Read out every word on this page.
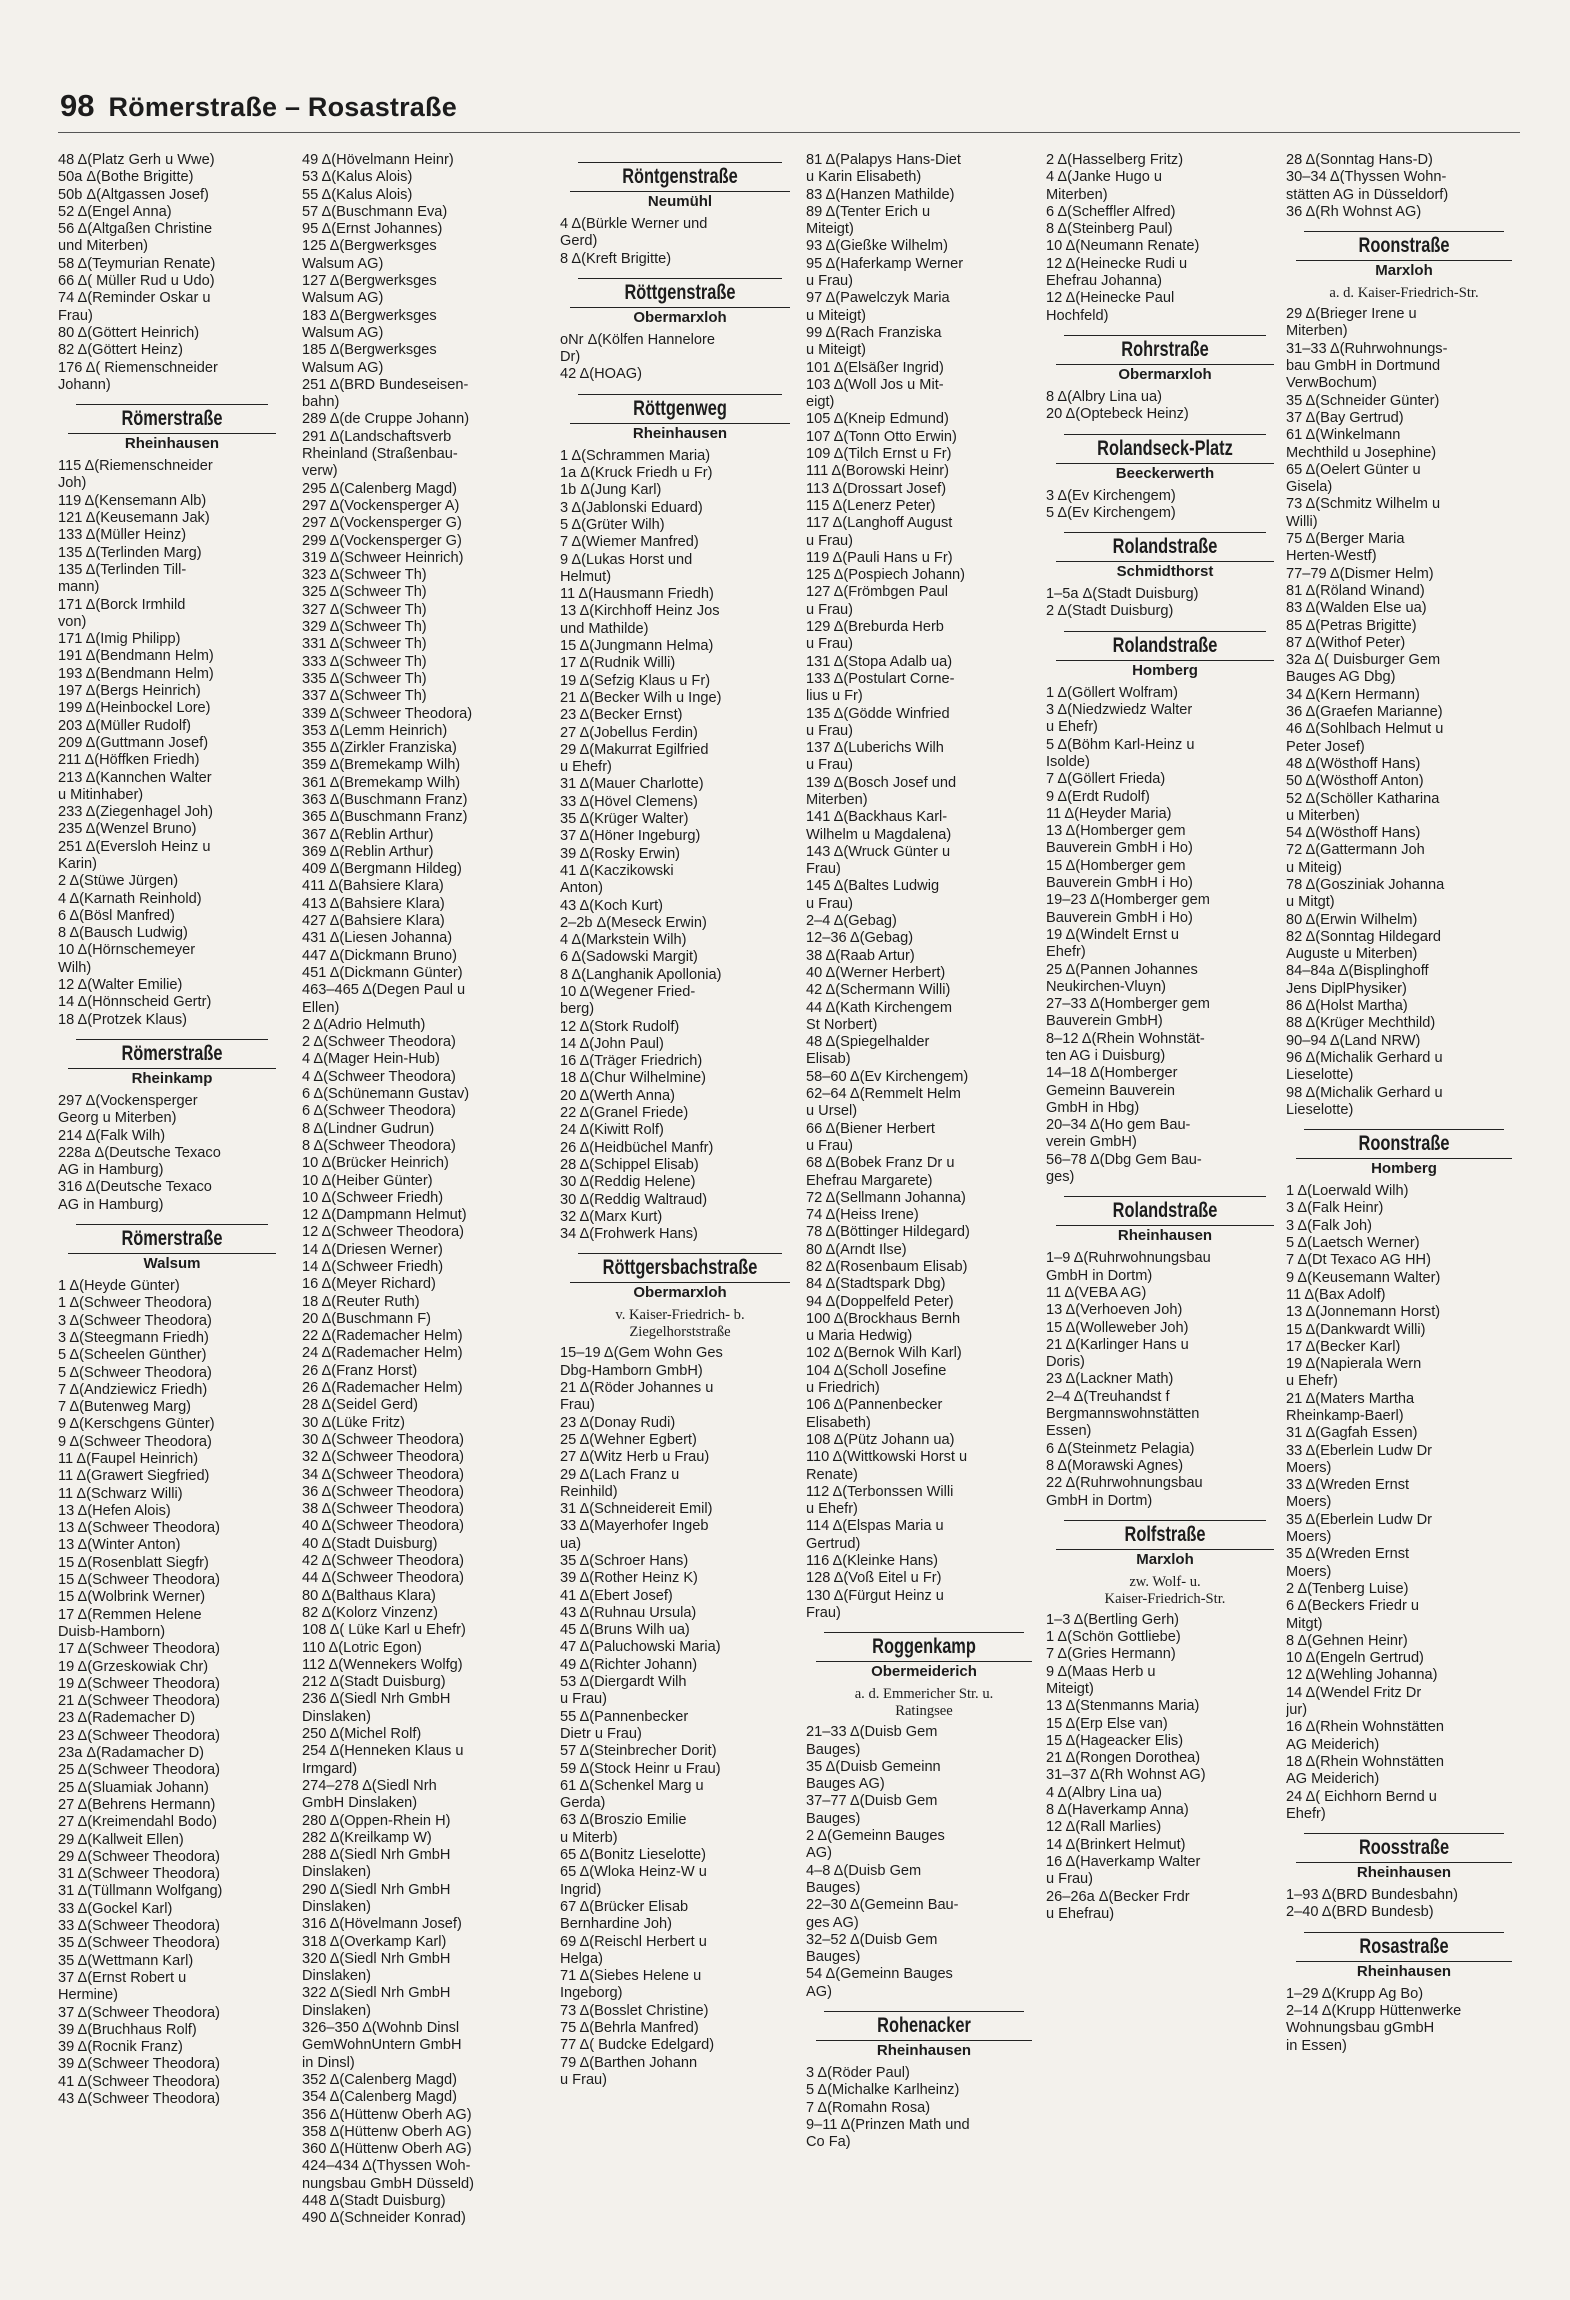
98 Römerstraße – Rosastraße
48 Δ(Platz Gerh u Wwe)
50a Δ(Bothe Brigitte)
50b Δ(Altgassen Josef)
52 Δ(Engel Anna)
56 Δ(Altgaßen Christine
und Miterben)
58 Δ(Teymurian Renate)
66 Δ( Müller Rud u Udo)
74 Δ(Reminder Oskar u
Frau)
80 Δ(Göttert Heinrich)
82 Δ(Göttert Heinz)
176 Δ( Riemenschneider
Johann)
Römerstraße
Rheinhausen
115 Δ(Riemenschneider
Joh)
119 Δ(Kensemann Alb)
121 Δ(Keusemann Jak)
133 Δ(Müller Heinz)
135 Δ(Terlinden Marg)
135 Δ(Terlinden Till-
mann)
171 Δ(Borck Irmhild
von)
171 Δ(Imig Philipp)
191 Δ(Bendmann Helm)
193 Δ(Bendmann Helm)
197 Δ(Bergs Heinrich)
199 Δ(Heinbockel Lore)
203 Δ(Müller Rudolf)
209 Δ(Guttmann Josef)
211 Δ(Höffken Friedh)
213 Δ(Kannchen Walter
u Mitinhaber)
233 Δ(Ziegenhagel Joh)
235 Δ(Wenzel Bruno)
251 Δ(Eversloh Heinz u
Karin)
2 Δ(Stüwe Jürgen)
4 Δ(Karnath Reinhold)
6 Δ(Bösl Manfred)
8 Δ(Bausch Ludwig)
10 Δ(Hörnschemeyer
Wilh)
12 Δ(Walter Emilie)
14 Δ(Hönnscheid Gertr)
18 Δ(Protzek Klaus)
Römerstraße
Rheinkamp
297 Δ(Vockensperger
Georg u Miterben)
214 Δ(Falk Wilh)
228a Δ(Deutsche Texaco
AG in Hamburg)
316 Δ(Deutsche Texaco
AG in Hamburg)
Römerstraße
Walsum
1 Δ(Heyde Günter)
1 Δ(Schweer Theodora)
3 Δ(Schweer Theodora)
3 Δ(Steegmann Friedh)
5 Δ(Scheelen Günther)
5 Δ(Schweer Theodora)
7 Δ(Andziewicz Friedh)
7 Δ(Butenweg Marg)
9 Δ(Kerschgens Günter)
9 Δ(Schweer Theodora)
11 Δ(Faupel Heinrich)
11 Δ(Grawert Siegfried)
11 Δ(Schwarz Willi)
13 Δ(Hefen Alois)
13 Δ(Schweer Theodora)
13 Δ(Winter Anton)
15 Δ(Rosenblatt Siegfr)
15 Δ(Schweer Theodora)
15 Δ(Wolbrink Werner)
17 Δ(Remmen Helene
Duisb-Hamborn)
17 Δ(Schweer Theodora)
19 Δ(Grzeskowiak Chr)
19 Δ(Schweer Theodora)
21 Δ(Schweer Theodora)
23 Δ(Rademacher D)
23 Δ(Schweer Theodora)
23a Δ(Radamacher D)
25 Δ(Schweer Theodora)
25 Δ(Sluamiak Johann)
27 Δ(Behrens Hermann)
27 Δ(Kreimendahl Bodo)
29 Δ(Kallweit Ellen)
29 Δ(Schweer Theodora)
31 Δ(Schweer Theodora)
31 Δ(Tüllmann Wolfgang)
33 Δ(Gockel Karl)
33 Δ(Schweer Theodora)
35 Δ(Schweer Theodora)
35 Δ(Wettmann Karl)
37 Δ(Ernst Robert u
Hermine)
37 Δ(Schweer Theodora)
39 Δ(Bruchhaus Rolf)
39 Δ(Rocnik Franz)
39 Δ(Schweer Theodora)
41 Δ(Schweer Theodora)
43 Δ(Schweer Theodora)
49 Δ(Hövelmann Heinr)
53 Δ(Kalus Alois)
55 Δ(Kalus Alois)
57 Δ(Buschmann Eva)
95 Δ(Ernst Johannes)
125 Δ(Bergwerksges
Walsum AG)
127 Δ(Bergwerksges
Walsum AG)
183 Δ(Bergwerksges
Walsum AG)
185 Δ(Bergwerksges
Walsum AG)
251 Δ(BRD Bundeseisen-
bahn)
289 Δ(de Cruppe Johann)
291 Δ(Landschaftsverb
Rheinland (Straßenbau-
verw)
295 Δ(Calenberg Magd)
297 Δ(Vockensperger A)
297 Δ(Vockensperger G)
299 Δ(Vockensperger G)
319 Δ(Schweer Heinrich)
323 Δ(Schweer Th)
325 Δ(Schweer Th)
327 Δ(Schweer Th)
329 Δ(Schweer Th)
331 Δ(Schweer Th)
333 Δ(Schweer Th)
335 Δ(Schweer Th)
337 Δ(Schweer Th)
339 Δ(Schweer Theodora)
353 Δ(Lemm Heinrich)
355 Δ(Zirkler Franziska)
359 Δ(Bremekamp Wilh)
361 Δ(Bremekamp Wilh)
363 Δ(Buschmann Franz)
365 Δ(Buschmann Franz)
367 Δ(Reblin Arthur)
369 Δ(Reblin Arthur)
409 Δ(Bergmann Hildeg)
411 Δ(Bahsiere Klara)
413 Δ(Bahsiere Klara)
427 Δ(Bahsiere Klara)
431 Δ(Liesen Johanna)
447 Δ(Dickmann Bruno)
451 Δ(Dickmann Günter)
463–465 Δ(Degen Paul u
Ellen)
2 Δ(Adrio Helmuth)
2 Δ(Schweer Theodora)
4 Δ(Mager Hein-Hub)
4 Δ(Schweer Theodora)
6 Δ(Schünemann Gustav)
6 Δ(Schweer Theodora)
8 Δ(Lindner Gudrun)
8 Δ(Schweer Theodora)
10 Δ(Brücker Heinrich)
10 Δ(Heiber Günter)
10 Δ(Schweer Friedh)
12 Δ(Dampmann Helmut)
12 Δ(Schweer Theodora)
14 Δ(Driesen Werner)
14 Δ(Schweer Friedh)
16 Δ(Meyer Richard)
18 Δ(Reuter Ruth)
20 Δ(Buschmann F)
22 Δ(Rademacher Helm)
24 Δ(Rademacher Helm)
26 Δ(Franz Horst)
26 Δ(Rademacher Helm)
28 Δ(Seidel Gerd)
30 Δ(Lüke Fritz)
30 Δ(Schweer Theodora)
32 Δ(Schweer Theodora)
34 Δ(Schweer Theodora)
36 Δ(Schweer Theodora)
38 Δ(Schweer Theodora)
40 Δ(Schweer Theodora)
40 Δ(Stadt Duisburg)
42 Δ(Schweer Theodora)
44 Δ(Schweer Theodora)
80 Δ(Balthaus Klara)
82 Δ(Kolorz Vinzenz)
108 Δ( Lüke Karl u Ehefr)
110 Δ(Lotric Egon)
112 Δ(Wennekers Wolfg)
212 Δ(Stadt Duisburg)
236 Δ(Siedl Nrh GmbH
Dinslaken)
250 Δ(Michel Rolf)
254 Δ(Henneken Klaus u
Irmgard)
274–278 Δ(Siedl Nrh
GmbH Dinslaken)
280 Δ(Oppen-Rhein H)
282 Δ(Kreilkamp W)
288 Δ(Siedl Nrh GmbH
Dinslaken)
290 Δ(Siedl Nrh GmbH
Dinslaken)
316 Δ(Hövelmann Josef)
318 Δ(Overkamp Karl)
320 Δ(Siedl Nrh GmbH
Dinslaken)
322 Δ(Siedl Nrh GmbH
Dinslaken)
326–350 Δ(Wohnb Dinsl
GemWohnUntern GmbH
in Dinsl)
352 Δ(Calenberg Magd)
354 Δ(Calenberg Magd)
356 Δ(Hüttenw Oberh AG)
358 Δ(Hüttenw Oberh AG)
360 Δ(Hüttenw Oberh AG)
424–434 Δ(Thyssen Woh-
nungsbau GmbH Düsseld)
448 Δ(Stadt Duisburg)
490 Δ(Schneider Konrad)
Röntgenstraße
Neumühl
4 Δ(Bürkle Werner und
Gerd)
8 Δ(Kreft Brigitte)
Röttgenstraße
Obermarxloh
oNr Δ(Kölfen Hannelore
Dr)
42 Δ(HOAG)
Röttgenweg
Rheinhausen
1 Δ(Schrammen Maria)
1a Δ(Kruck Friedh u Fr)
1b Δ(Jung Karl)
3 Δ(Jablonski Eduard)
5 Δ(Grüter Wilh)
7 Δ(Wiemer Manfred)
9 Δ(Lukas Horst und
Helmut)
11 Δ(Hausmann Friedh)
13 Δ(Kirchhoff Heinz Jos
und Mathilde)
15 Δ(Jungmann Helma)
17 Δ(Rudnik Willi)
19 Δ(Sefzig Klaus u Fr)
21 Δ(Becker Wilh u Inge)
23 Δ(Becker Ernst)
27 Δ(Jobellus Ferdin)
29 Δ(Makurrat Egilfried
u Ehefr)
31 Δ(Mauer Charlotte)
33 Δ(Hövel Clemens)
35 Δ(Krüger Walter)
37 Δ(Höner Ingeburg)
39 Δ(Rosky Erwin)
41 Δ(Kaczikowski
Anton)
43 Δ(Koch Kurt)
2–2b Δ(Meseck Erwin)
4 Δ(Markstein Wilh)
6 Δ(Sadowski Margit)
8 Δ(Langhanik Apollonia)
10 Δ(Wegener Fried-
berg)
12 Δ(Stork Rudolf)
14 Δ(John Paul)
16 Δ(Träger Friedrich)
18 Δ(Chur Wilhelmine)
20 Δ(Werth Anna)
22 Δ(Granel Friede)
24 Δ(Kiwitt Rolf)
26 Δ(Heidbüchel Manfr)
28 Δ(Schippel Elisab)
30 Δ(Reddig Helene)
30 Δ(Reddig Waltraud)
32 Δ(Marx Kurt)
34 Δ(Frohwerk Hans)
Röttgersbachstraße
Obermarxloh
v. Kaiser-Friedrich- b.
Ziegelhorststraße
15–19 Δ(Gem Wohn Ges
Dbg-Hamborn GmbH)
21 Δ(Röder Johannes u
Frau)
23 Δ(Donay Rudi)
25 Δ(Wehner Egbert)
27 Δ(Witz Herb u Frau)
29 Δ(Lach Franz u
Reinhild)
31 Δ(Schneidereit Emil)
33 Δ(Mayerhofer Ingeb
ua)
35 Δ(Schroer Hans)
39 Δ(Rother Heinz K)
41 Δ(Ebert Josef)
43 Δ(Ruhnau Ursula)
45 Δ(Bruns Wilh ua)
47 Δ(Paluchowski Maria)
49 Δ(Richter Johann)
53 Δ(Diergardt Wilh
u Frau)
55 Δ(Pannenbecker
Dietr u Frau)
57 Δ(Steinbrecher Dorit)
59 Δ(Stock Heinr u Frau)
61 Δ(Schenkel Marg u
Gerda)
63 Δ(Broszio Emilie
u Miterb)
65 Δ(Bonitz Lieselotte)
65 Δ(Wloka Heinz-W u
Ingrid)
67 Δ(Brücker Elisab
Bernhardine Joh)
69 Δ(Reischl Herbert u
Helga)
71 Δ(Siebes Helene u
Ingeborg)
73 Δ(Bosslet Christine)
75 Δ(Behrla Manfred)
77 Δ( Budcke Edelgard)
79 Δ(Barthen Johann
u Frau)
81 Δ(Palapys Hans-Diet
u Karin Elisabeth)
83 Δ(Hanzen Mathilde)
89 Δ(Tenter Erich u
Miteigt)
93 Δ(Gießke Wilhelm)
95 Δ(Haferkamp Werner
u Frau)
97 Δ(Pawelczyk Maria
u Miteigt)
99 Δ(Rach Franziska
u Miteigt)
101 Δ(Elsäßer Ingrid)
103 Δ(Woll Jos u Mit-
eigt)
105 Δ(Kneip Edmund)
107 Δ(Tonn Otto Erwin)
109 Δ(Tilch Ernst u Fr)
111 Δ(Borowski Heinr)
113 Δ(Drossart Josef)
115 Δ(Lenerz Peter)
117 Δ(Langhoff August
u Frau)
119 Δ(Pauli Hans u Fr)
125 Δ(Pospiech Johann)
127 Δ(Frömbgen Paul
u Frau)
129 Δ(Breburda Herb
u Frau)
131 Δ(Stopa Adalb ua)
133 Δ(Postulart Corne-
lius u Fr)
135 Δ(Gödde Winfried
u Frau)
137 Δ(Luberichs Wilh
u Frau)
139 Δ(Bosch Josef und
Miterben)
141 Δ(Backhaus Karl-
Wilhelm u Magdalena)
143 Δ(Wruck Günter u
Frau)
145 Δ(Baltes Ludwig
u Frau)
2–4 Δ(Gebag)
12–36 Δ(Gebag)
38 Δ(Raab Artur)
40 Δ(Werner Herbert)
42 Δ(Schermann Willi)
44 Δ(Kath Kirchengem
St Norbert)
48 Δ(Spiegelhalder
Elisab)
58–60 Δ(Ev Kirchengem)
62–64 Δ(Remmelt Helm
u Ursel)
66 Δ(Biener Herbert
u Frau)
68 Δ(Bobek Franz Dr u
Ehefrau Margarete)
72 Δ(Sellmann Johanna)
74 Δ(Heiss Irene)
78 Δ(Böttinger Hildegard)
80 Δ(Arndt Ilse)
82 Δ(Rosenbaum Elisab)
84 Δ(Stadtspark Dbg)
94 Δ(Doppelfeld Peter)
100 Δ(Brockhaus Bernh
u Maria Hedwig)
102 Δ(Bernok Wilh Karl)
104 Δ(Scholl Josefine
u Friedrich)
106 Δ(Pannenbecker
Elisabeth)
108 Δ(Pütz Johann ua)
110 Δ(Wittkowski Horst u
Renate)
112 Δ(Terbonssen Willi
u Ehefr)
114 Δ(Elspas Maria u
Gertrud)
116 Δ(Kleinke Hans)
128 Δ(Voß Eitel u Fr)
130 Δ(Fürgut Heinz u
Frau)
Roggenkamp
Obermeiderich
a. d. Emmericher Str. u.
Ratingsee
21–33 Δ(Duisb Gem
Bauges)
35 Δ(Duisb Gemeinn
Bauges AG)
37–77 Δ(Duisb Gem
Bauges)
2 Δ(Gemeinn Bauges
AG)
4–8 Δ(Duisb Gem
Bauges)
22–30 Δ(Gemeinn Bau-
ges AG)
32–52 Δ(Duisb Gem
Bauges)
54 Δ(Gemeinn Bauges
AG)
Rohenacker
Rheinhausen
3 Δ(Röder Paul)
5 Δ(Michalke Karlheinz)
7 Δ(Romahn Rosa)
9–11 Δ(Prinzen Math und
Co Fa)
2 Δ(Hasselberg Fritz)
4 Δ(Janke Hugo u
Miterben)
6 Δ(Scheffler Alfred)
8 Δ(Steinberg Paul)
10 Δ(Neumann Renate)
12 Δ(Heinecke Rudi u
Ehefrau Johanna)
12 Δ(Heinecke Paul
Hochfeld)
Rohrstraße
Obermarxloh
8 Δ(Albry Lina ua)
20 Δ(Optebeck Heinz)
Rolandseck-Platz
Beeckerwerth
3 Δ(Ev Kirchengem)
5 Δ(Ev Kirchengem)
Rolandstraße
Schmidthorst
1–5a Δ(Stadt Duisburg)
2 Δ(Stadt Duisburg)
Rolandstraße
Homberg
1 Δ(Göllert Wolfram)
3 Δ(Niedzwiedz Walter
u Ehefr)
5 Δ(Böhm Karl-Heinz u
Isolde)
7 Δ(Göllert Frieda)
9 Δ(Erdt Rudolf)
11 Δ(Heyder Maria)
13 Δ(Homberger gem
Bauverein GmbH i Ho)
15 Δ(Homberger gem
Bauverein GmbH i Ho)
19–23 Δ(Homberger gem
Bauverein GmbH i Ho)
19 Δ(Windelt Ernst u
Ehefr)
25 Δ(Pannen Johannes
Neukirchen-Vluyn)
27–33 Δ(Homberger gem
Bauverein GmbH)
8–12 Δ(Rhein Wohnstät-
ten AG i Duisburg)
14–18 Δ(Homberger
Gemeinn Bauverein
GmbH in Hbg)
20–34 Δ(Ho gem Bau-
verein GmbH)
56–78 Δ(Dbg Gem Bau-
ges)
Rolandstraße
Rheinhausen
1–9 Δ(Ruhrwohnungsbau
GmbH in Dortm)
11 Δ(VEBA AG)
13 Δ(Verhoeven Joh)
15 Δ(Wolleweber Joh)
21 Δ(Karlinger Hans u
Doris)
23 Δ(Lackner Math)
2–4 Δ(Treuhandst f
Bergmannswohnstätten
Essen)
6 Δ(Steinmetz Pelagia)
8 Δ(Morawski Agnes)
22 Δ(Ruhrwohnungsbau
GmbH in Dortm)
Rolfstraße
Marxloh
zw. Wolf- u.
Kaiser-Friedrich-Str.
1–3 Δ(Bertling Gerh)
1 Δ(Schön Gottliebe)
7 Δ(Gries Hermann)
9 Δ(Maas Herb u
Miteigt)
13 Δ(Stenmanns Maria)
15 Δ(Erp Else van)
15 Δ(Hageacker Elis)
21 Δ(Rongen Dorothea)
31–37 Δ(Rh Wohnst AG)
4 Δ(Albry Lina ua)
8 Δ(Haverkamp Anna)
12 Δ(Rall Marlies)
14 Δ(Brinkert Helmut)
16 Δ(Haverkamp Walter
u Frau)
26–26a Δ(Becker Frdr
u Ehefrau)
28 Δ(Sonntag Hans-D)
30–34 Δ(Thyssen Wohn-
stätten AG in Düsseldorf)
36 Δ(Rh Wohnst AG)
Roonstraße
Marxloh
a. d. Kaiser-Friedrich-Str.
29 Δ(Brieger Irene u
Miterben)
31–33 Δ(Ruhrwohnungs-
bau GmbH in Dortmund
VerwBochum)
35 Δ(Schneider Günter)
37 Δ(Bay Gertrud)
61 Δ(Winkelmann
Mechthild u Josephine)
65 Δ(Oelert Günter u
Gisela)
73 Δ(Schmitz Wilhelm u
Willi)
75 Δ(Berger Maria
Herten-Westf)
77–79 Δ(Dismer Helm)
81 Δ(Röland Winand)
83 Δ(Walden Else ua)
85 Δ(Petras Brigitte)
87 Δ(Withof Peter)
32a Δ( Duisburger Gem
Bauges AG Dbg)
34 Δ(Kern Hermann)
36 Δ(Graefen Marianne)
46 Δ(Sohlbach Helmut u
Peter Josef)
48 Δ(Wösthoff Hans)
50 Δ(Wösthoff Anton)
52 Δ(Schöller Katharina
u Miterben)
54 Δ(Wösthoff Hans)
72 Δ(Gattermann Joh
u Miteig)
78 Δ(Gosziniak Johanna
u Mitgt)
80 Δ(Erwin Wilhelm)
82 Δ(Sonntag Hildegard
Auguste u Miterben)
84–84a Δ(Bisplinghoff
Jens DiplPhysiker)
86 Δ(Holst Martha)
88 Δ(Krüger Mechthild)
90–94 Δ(Land NRW)
96 Δ(Michalik Gerhard u
Lieselotte)
98 Δ(Michalik Gerhard u
Lieselotte)
Roonstraße
Homberg
1 Δ(Loerwald Wilh)
3 Δ(Falk Heinr)
3 Δ(Falk Joh)
5 Δ(Laetsch Werner)
7 Δ(Dt Texaco AG HH)
9 Δ(Keusemann Walter)
11 Δ(Bax Adolf)
13 Δ(Jonnemann Horst)
15 Δ(Dankwardt Willi)
17 Δ(Becker Karl)
19 Δ(Napierala Wern
u Ehefr)
21 Δ(Maters Martha
Rheinkamp-Baerl)
31 Δ(Gagfah Essen)
33 Δ(Eberlein Ludw Dr
Moers)
33 Δ(Wreden Ernst
Moers)
35 Δ(Eberlein Ludw Dr
Moers)
35 Δ(Wreden Ernst
Moers)
2 Δ(Tenberg Luise)
6 Δ(Beckers Friedr u
Mitgt)
8 Δ(Gehnen Heinr)
10 Δ(Engeln Gertrud)
12 Δ(Wehling Johanna)
14 Δ(Wendel Fritz Dr
jur)
16 Δ(Rhein Wohnstätten
AG Meiderich)
18 Δ(Rhein Wohnstätten
AG Meiderich)
24 Δ( Eichhorn Bernd u
Ehefr)
Roosstraße
Rheinhausen
1–93 Δ(BRD Bundesbahn)
2–40 Δ(BRD Bundesb)
Rosastraße
Rheinhausen
1–29 Δ(Krupp Ag Bo)
2–14 Δ(Krupp Hüttenwerke
Wohnungsbau gGmbH
in Essen)
